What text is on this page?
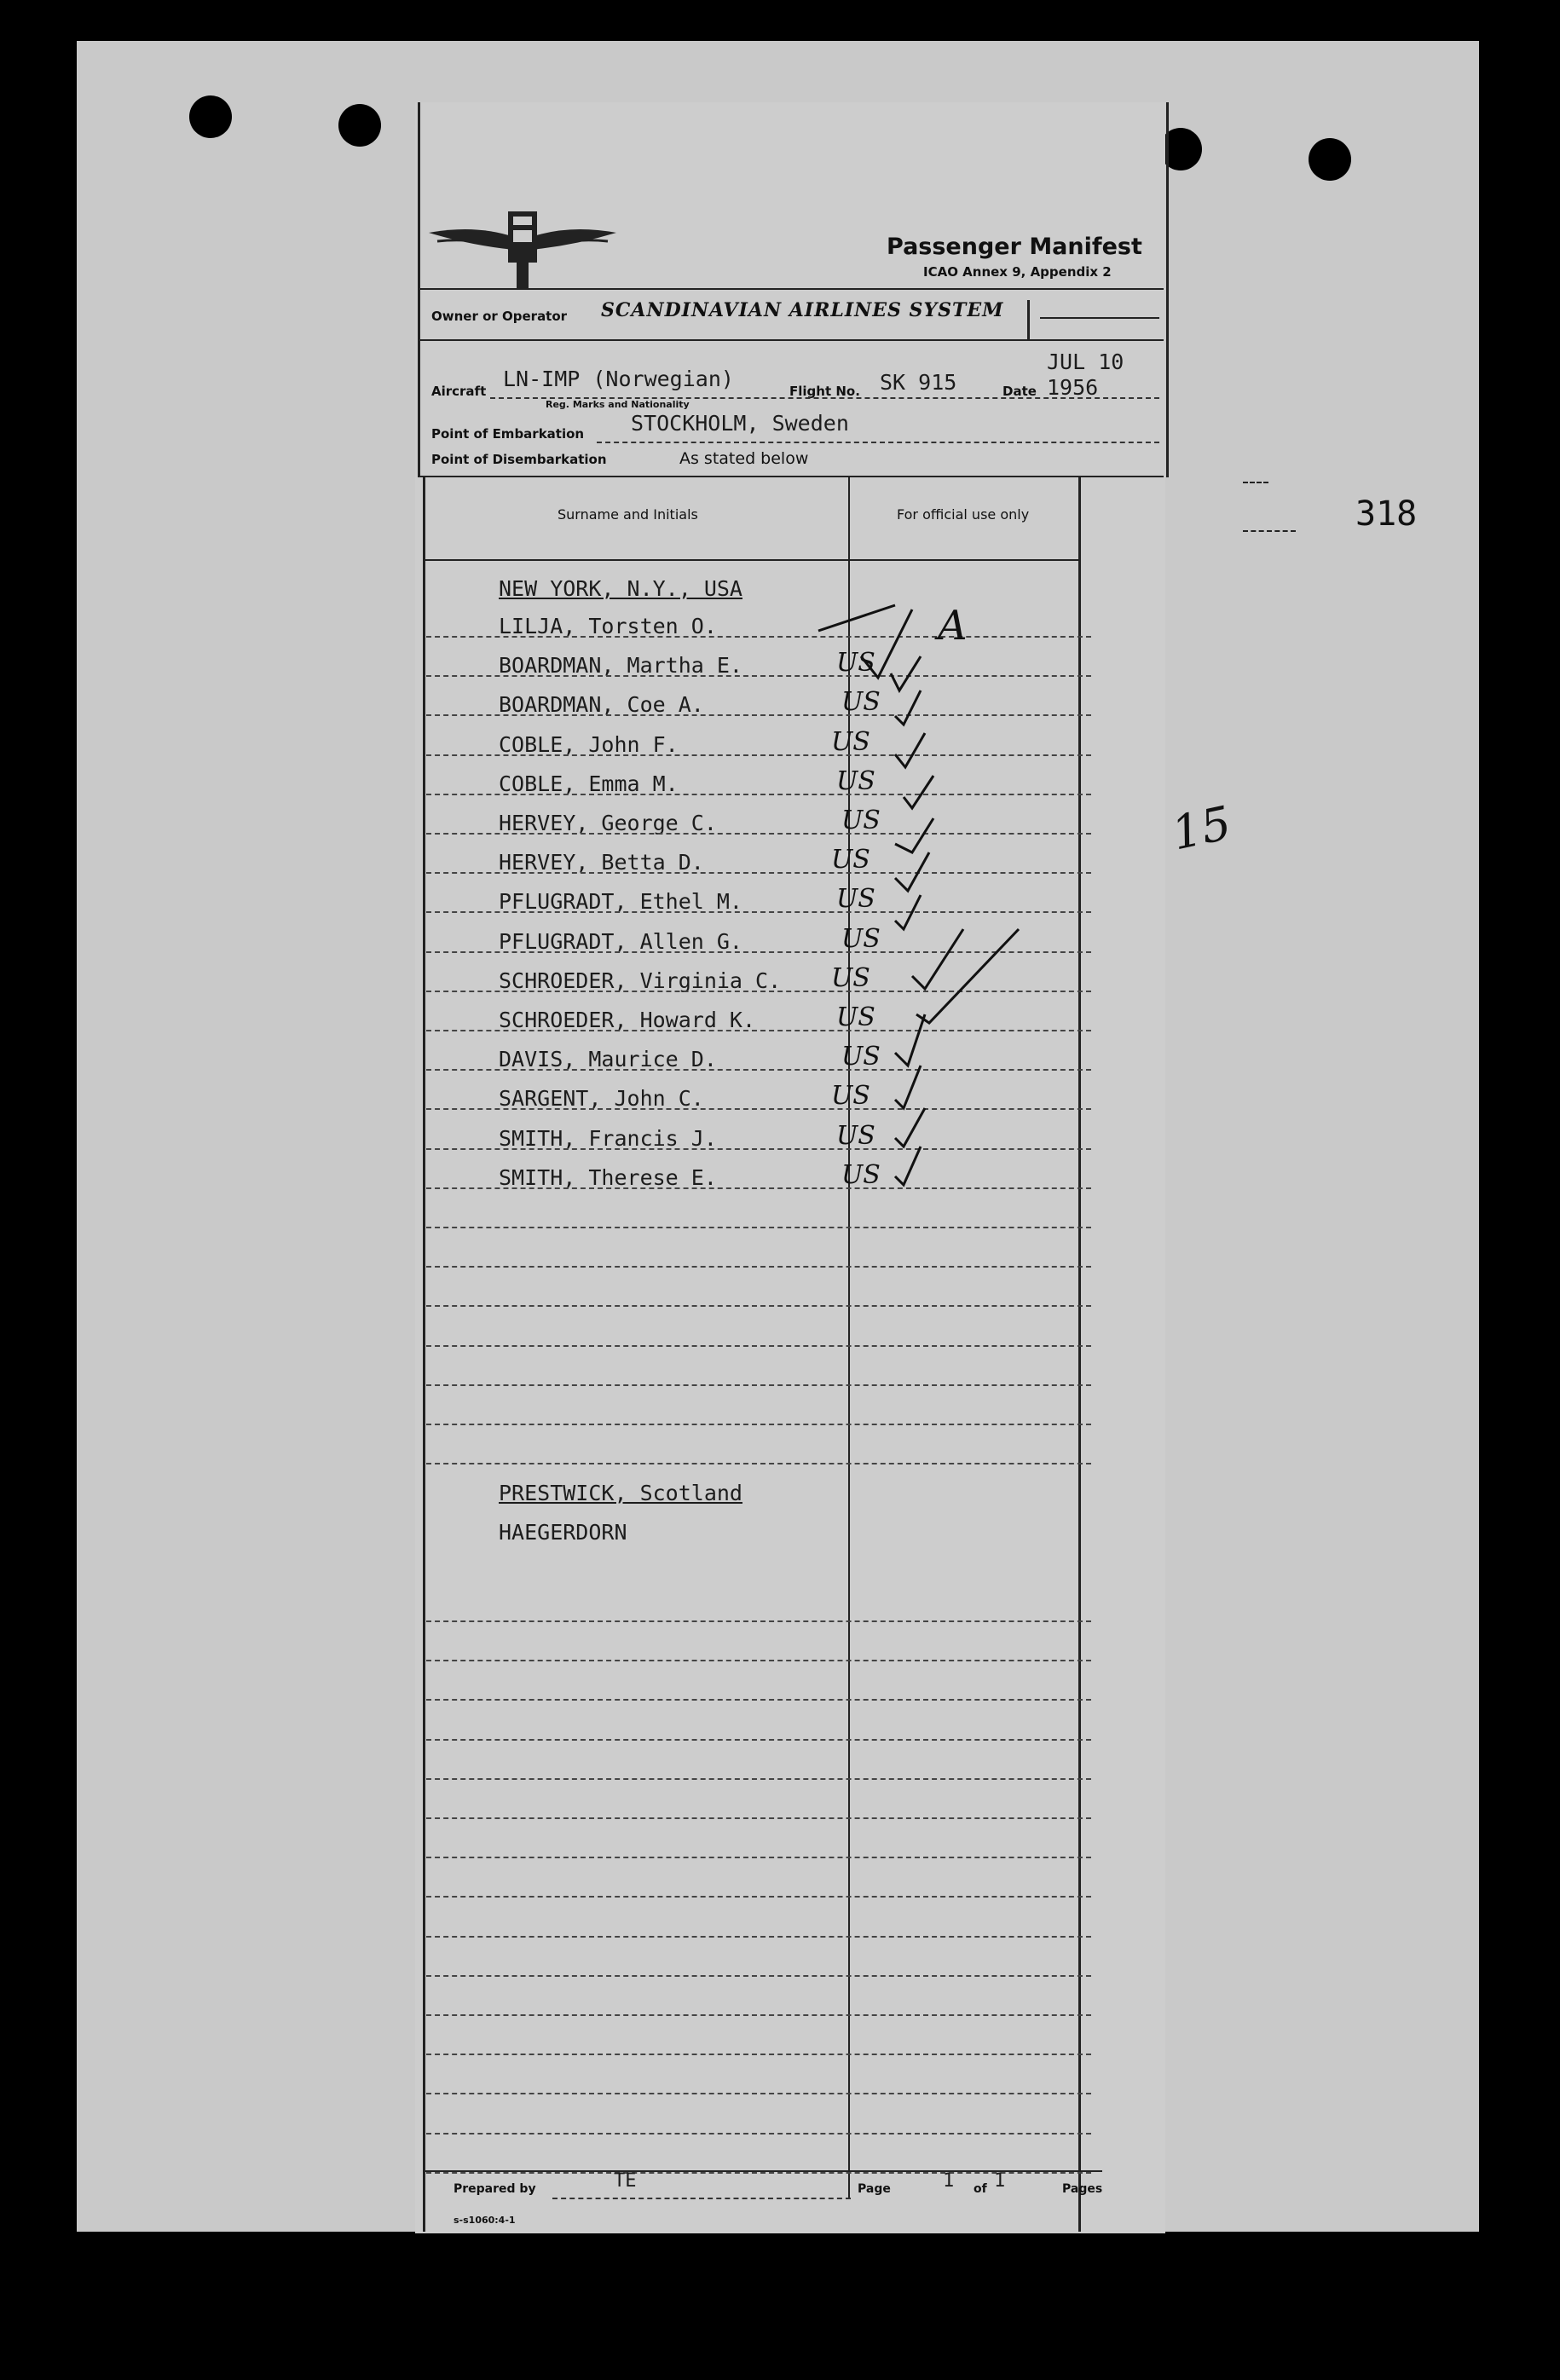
Passenger Manifest
ICAO Annex 9, Appendix 2
Owner or Operator SCANDINAVIAN AIRLINES SYSTEM
Aircraft LN-IMP (Norwegian)	Flight No. SK 915	Date
JUL 10
1956
Reg. Marks and Nationality
Point of Embarkation STOCKHOLM, Sweden
Point of Disembarkation	As stated below
318
15
Surname and Initials	For official use only
LILJA, Torsten O.
BOARDMAN, Martha E.	US
BOARDMAN, Coe A.	US
COBLE, John F.	US
COBLE, Emma M.	US
HERVEY, George C.	US
HERVEY, Betta D.	US
PFLUGRADT, Ethel M.	US
PFLUGRADT, Allen G.	US
SCHROEDER, Virginia C. US
SCHROEDER, Howard K.	US
DAVIS, Maurice D.	US
SARGENT, John C.	US
SMITH, Francis J.	US
SMITH, Therese E.	US
NEW YORK, N.Y., USA
A
PRESTWICK, Scotland
HAEGERDORN
Prepared by	TE	Page	1 of 1	Pages
s-s1060:4-1
